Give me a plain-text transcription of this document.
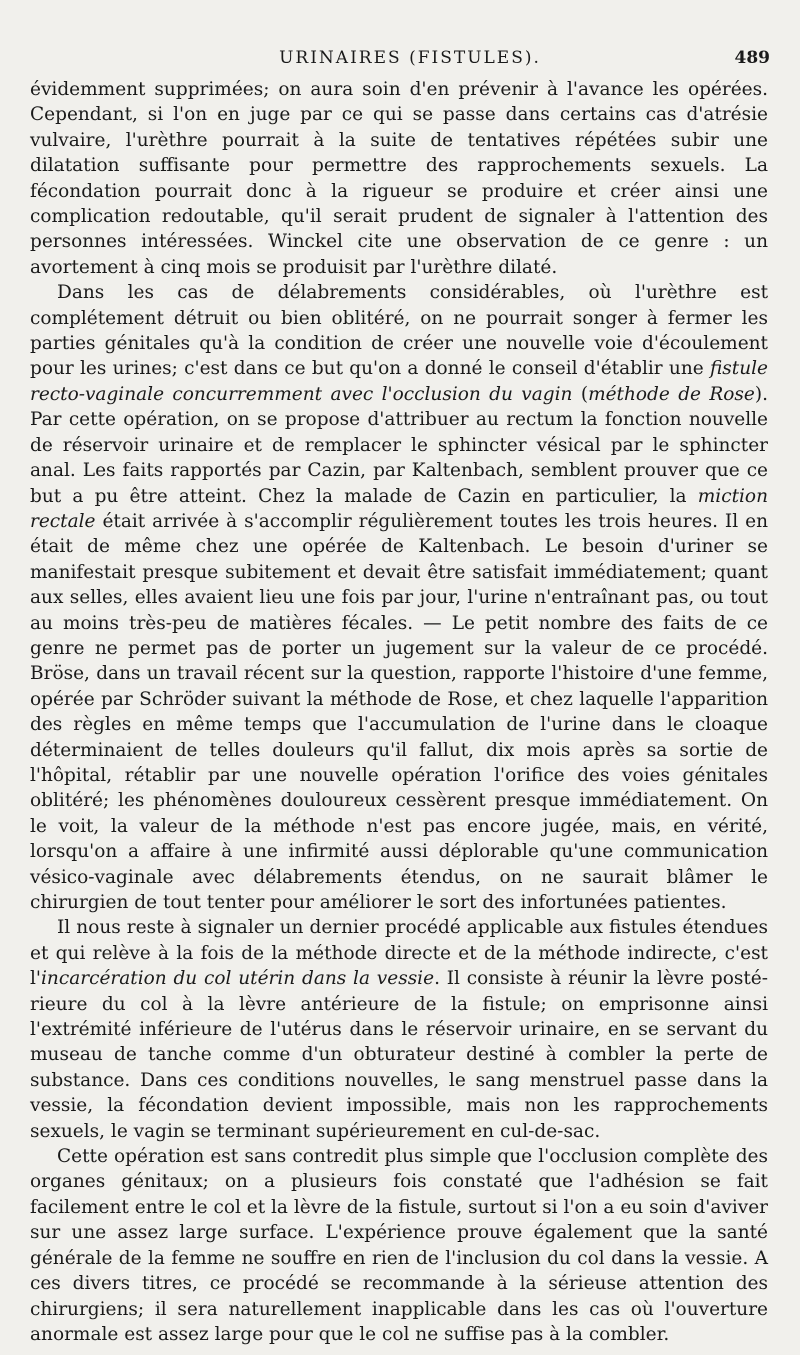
URINAIRES (FISTULES).	489

évidemment supprimées; on aura soin d'en prévenir à l'avance les opérées. Cependant, si l'on en juge par ce qui se passe dans certains cas d'atrésie vulvaire, l'urèthre pourrait à la suite de tentatives répétées subir une dilatation suffisante pour permettre des rapprochements sexuels. La fécondation pourrait donc à la rigueur se produire et créer ainsi une complication redoutable, qu'il serait prudent de signaler à l'attention des personnes intéressées. Winckel cite une observation de ce genre : un avortement à cinq mois se produisit par l'urèthre dilaté.

Dans les cas de délabrements considérables, où l'urèthre est complétement détruit ou bien oblitéré, on ne pourrait songer à fermer les parties génitales qu'à la condition de créer une nouvelle voie d'écoulement pour les urines; c'est dans ce but qu'on a donné le conseil d'établir une fistule recto-vaginale concurremment avec l'occlusion du vagin (méthode de Rose). Par cette opération, on se propose d'attribuer au rectum la fonction nouvelle de réservoir urinaire et de remplacer le sphincter vésical par le sphincter anal. Les faits rapportés par Cazin, par Kaltenbach, semblent prouver que ce but a pu être atteint. Chez la malade de Cazin en particulier, la miction rectale était arrivée à s'accomplir régulièrement toutes les trois heures. Il en était de même chez une opérée de Kaltenbach. Le besoin d'uriner se manifestait presque subitement et devait être satisfait immédiatement; quant aux selles, elles avaient lieu une fois par jour, l'urine n'entraînant pas, ou tout au moins très-peu de matières fécales. — Le petit nombre des faits de ce genre ne permet pas de porter un jugement sur la valeur de ce procédé. Bröse, dans un travail récent sur la question, rapporte l'histoire d'une femme, opérée par Schröder suivant la méthode de Rose, et chez laquelle l'apparition des règles en même temps que l'accumulation de l'urine dans le cloaque déterminaient de telles douleurs qu'il fallut, dix mois après sa sortie de l'hôpital, rétablir par une nouvelle opération l'orifice des voies génitales oblitéré; les phénomènes douloureux cessèrent presque immédiatement. On le voit, la valeur de la méthode n'est pas encore jugée, mais, en vérité, lorsqu'on a affaire à une infirmité aussi déplorable qu'une communication vésico-vaginale avec délabrements étendus, on ne saurait blâmer le chirurgien de tout tenter pour améliorer le sort des infortunées patientes.

Il nous reste à signaler un dernier procédé applicable aux fistules étendues et qui relève à la fois de la méthode directe et de la méthode indirecte, c'est l'incarcération du col utérin dans la vessie. Il consiste à réunir la lèvre postérieure du col à la lèvre antérieure de la fistule; on emprisonne ainsi l'extrémité inférieure de l'utérus dans le réservoir urinaire, en se servant du museau de tanche comme d'un obturateur destiné à combler la perte de substance. Dans ces conditions nouvelles, le sang menstruel passe dans la vessie, la fécondation devient impossible, mais non les rapprochements sexuels, le vagin se terminant supérieurement en cul-de-sac.

Cette opération est sans contredit plus simple que l'occlusion complète des organes génitaux; on a plusieurs fois constaté que l'adhésion se fait facilement entre le col et la lèvre de la fistule, surtout si l'on a eu soin d'aviver sur une assez large surface. L'expérience prouve également que la santé générale de la femme ne souffre en rien de l'inclusion du col dans la vessie. A ces divers titres, ce procédé se recommande à la sérieuse attention des chirurgiens; il sera naturellement inapplicable dans les cas où l'ouverture anormale est assez large pour que le col ne suffise pas à la combler.
